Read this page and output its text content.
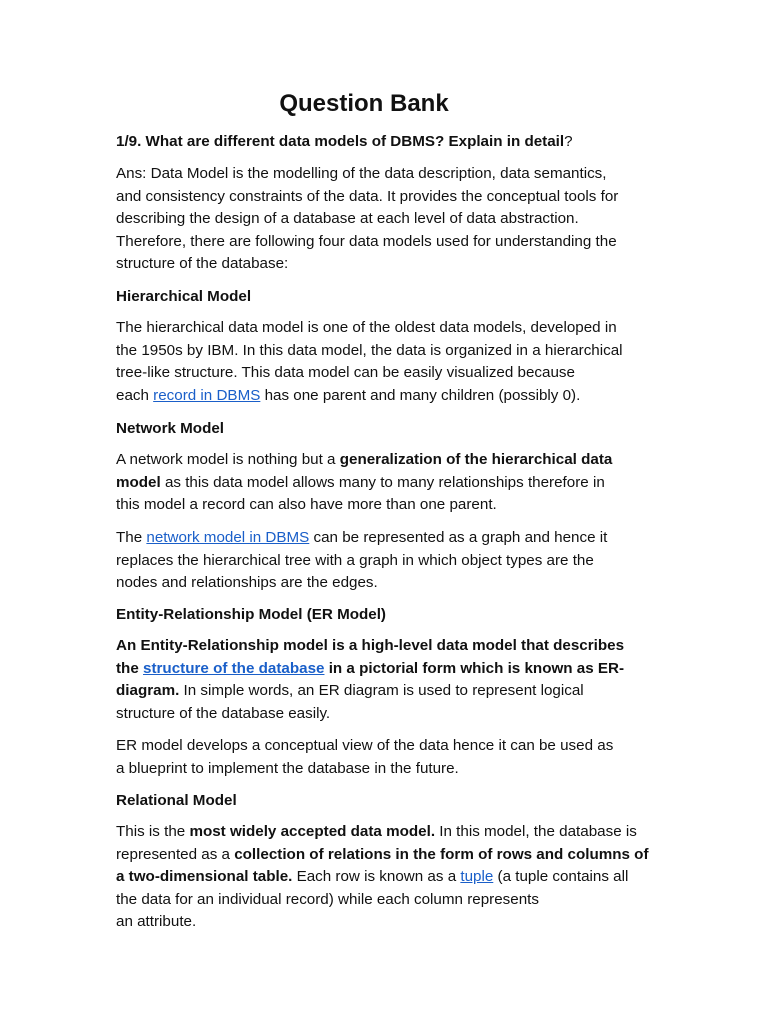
Question Bank
1/9. What are different data models of DBMS? Explain in detail?
Ans: Data Model is the modelling of the data description, data semantics,
and consistency constraints of the data. It provides the conceptual tools for
describing the design of a database at each level of data abstraction.
Therefore, there are following four data models used for understanding the
structure of the database:
Hierarchical Model
The hierarchical data model is one of the oldest data models, developed in
the 1950s by IBM. In this data model, the data is organized in a hierarchical
tree-like structure. This data model can be easily visualized because
each record in DBMS has one parent and many children (possibly 0).
Network Model
A network model is nothing but a generalization of the hierarchical data
model as this data model allows many to many relationships therefore in
this model a record can also have more than one parent.
The network model in DBMS can be represented as a graph and hence it
replaces the hierarchical tree with a graph in which object types are the
nodes and relationships are the edges.
Entity-Relationship Model (ER Model)
An Entity-Relationship model is a high-level data model that describes
the structure of the database in a pictorial form which is known as ER-
diagram. In simple words, an ER diagram is used to represent logical
structure of the database easily.
ER model develops a conceptual view of the data hence it can be used as
a blueprint to implement the database in the future.
Relational Model
This is the most widely accepted data model. In this model, the database is
represented as a collection of relations in the form of rows and columns of
a two-dimensional table. Each row is known as a tuple (a tuple contains all
the data for an individual record) while each column represents
an attribute.
